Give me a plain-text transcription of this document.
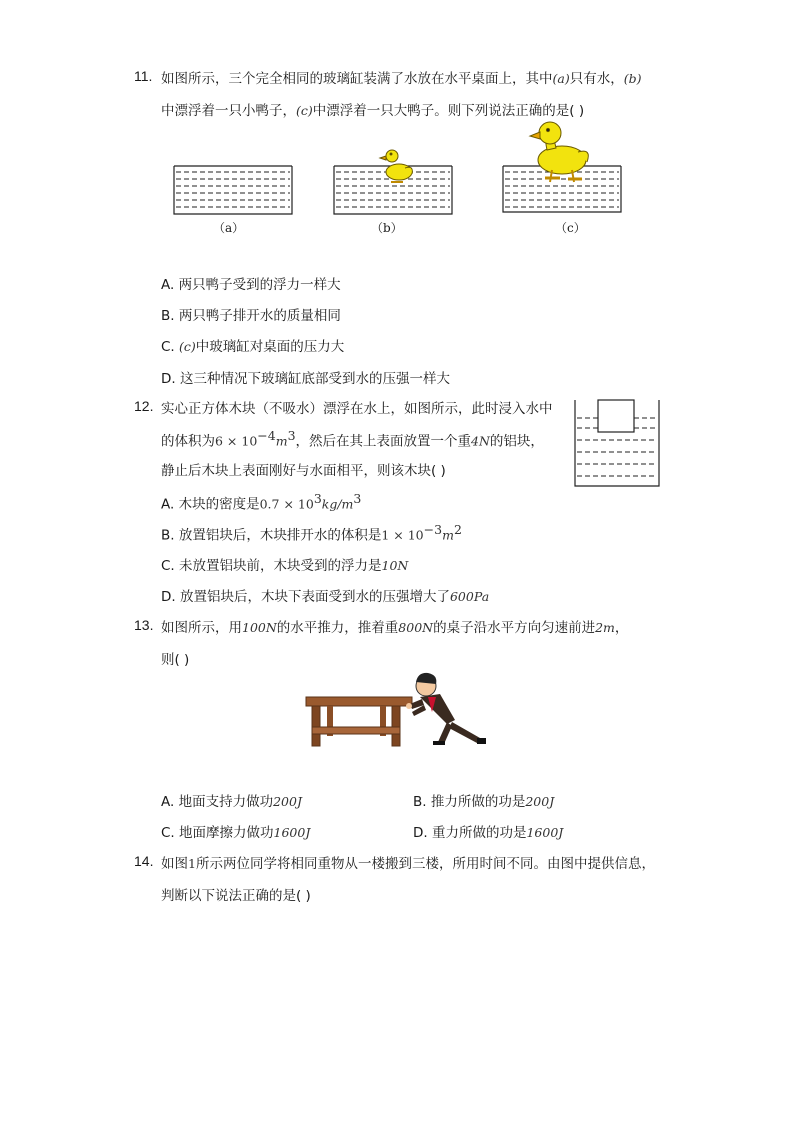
11. 如图所示，三个完全相同的玻璃缸装满了水放在水平桌面上，其中(a)只有水，(b)
中漂浮着一只小鸭子，(c)中漂浮着一只大鸭子。则下列说法正确的是( )
（a）	（b）	（c）
A. 两只鸭子受到的浮力一样大
B. 两只鸭子排开水的质量相同
C. (c)中玻璃缸对桌面的压力大
D. 这三种情况下玻璃缸底部受到水的压强一样大
12. 实心正方体木块（不吸水）漂浮在水上，如图所示，此时浸入水中
的体积为$6 \times 10^{-4}m^3$，然后在其上表面放置一个重4N的铝块，
静止后木块上表面刚好与水面相平，则该木块( )
A. 木块的密度是$0.7 \times 10^3kg/m^3$
B. 放置铝块后，木块排开水的体积是$1 \times 10^{-3}m^2$
C. 未放置铝块前，木块受到的浮力是10N
D. 放置铝块后，木块下表面受到水的压强增大了600Pa
13. 如图所示，用100N的水平推力，推着重800N的桌子沿水平方向匀速前进2m，
则( )
A. 地面支持力做功200J	B. 推力所做的功是200J
C. 地面摩擦力做功1600J	D. 重力所做的功是1600J
14. 如图1所示两位同学将相同重物从一楼搬到三楼，所用时间不同。由图中提供信息，
判断以下说法正确的是( )
